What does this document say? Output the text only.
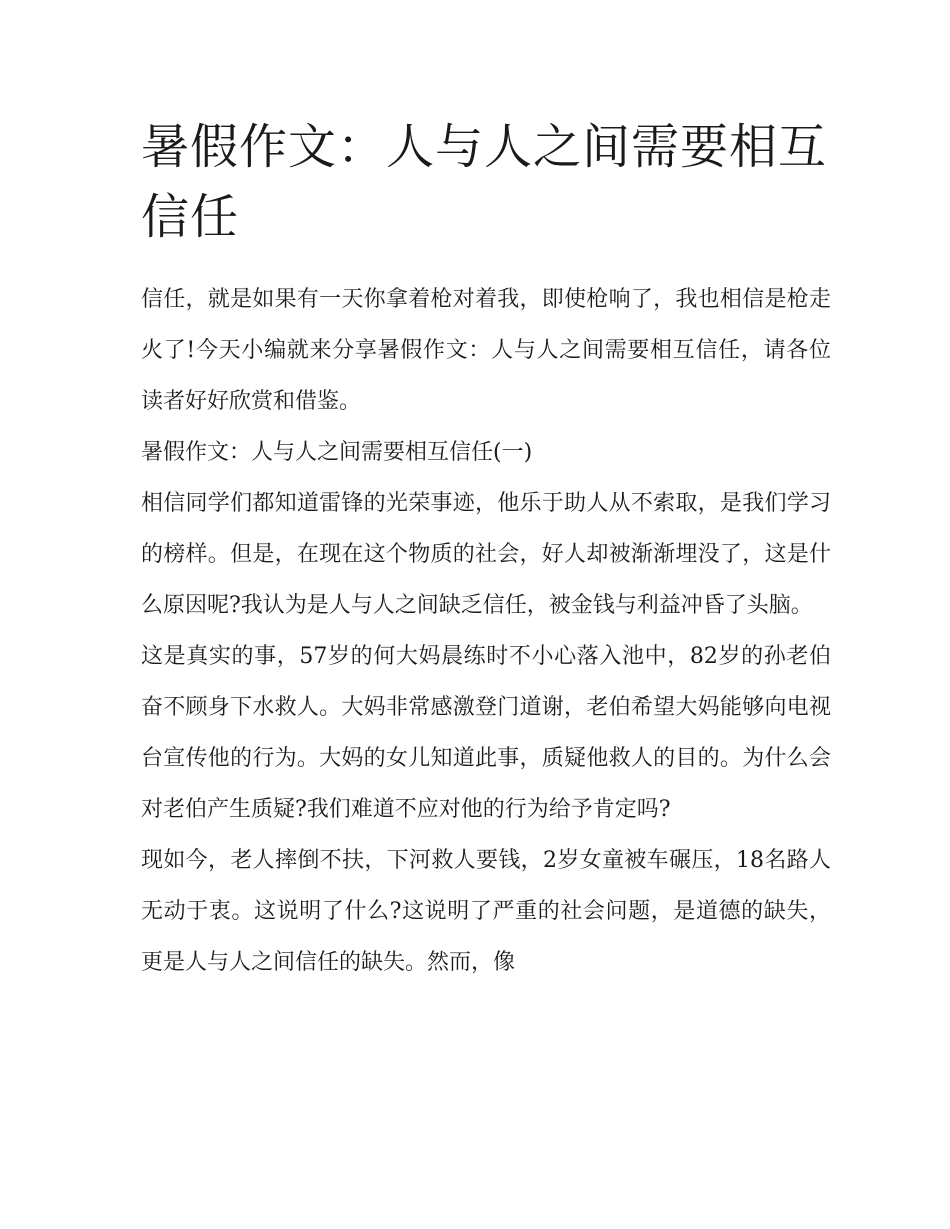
暑假作文：人与人之间需要相互信任

信任，就是如果有一天你拿着枪对着我，即使枪响了，我也相信是枪走火了!今天小编就来分享暑假作文：人与人之间需要相互信任，请各位读者好好欣赏和借鉴。

暑假作文：人与人之间需要相互信任(一)

相信同学们都知道雷锋的光荣事迹，他乐于助人从不索取，是我们学习的榜样。但是，在现在这个物质的社会，好人却被渐渐埋没了，这是什么原因呢?我认为是人与人之间缺乏信任，被金钱与利益冲昏了头脑。

这是真实的事，57岁的何大妈晨练时不小心落入池中，82岁的孙老伯奋不顾身下水救人。大妈非常感激登门道谢，老伯希望大妈能够向电视台宣传他的行为。大妈的女儿知道此事，质疑他救人的目的。为什么会对老伯产生质疑?我们难道不应对他的行为给予肯定吗?

现如今，老人摔倒不扶，下河救人要钱，2岁女童被车碾压，18名路人无动于衷。这说明了什么?这说明了严重的社会问题，是道德的缺失，更是人与人之间信任的缺失。然而，像
